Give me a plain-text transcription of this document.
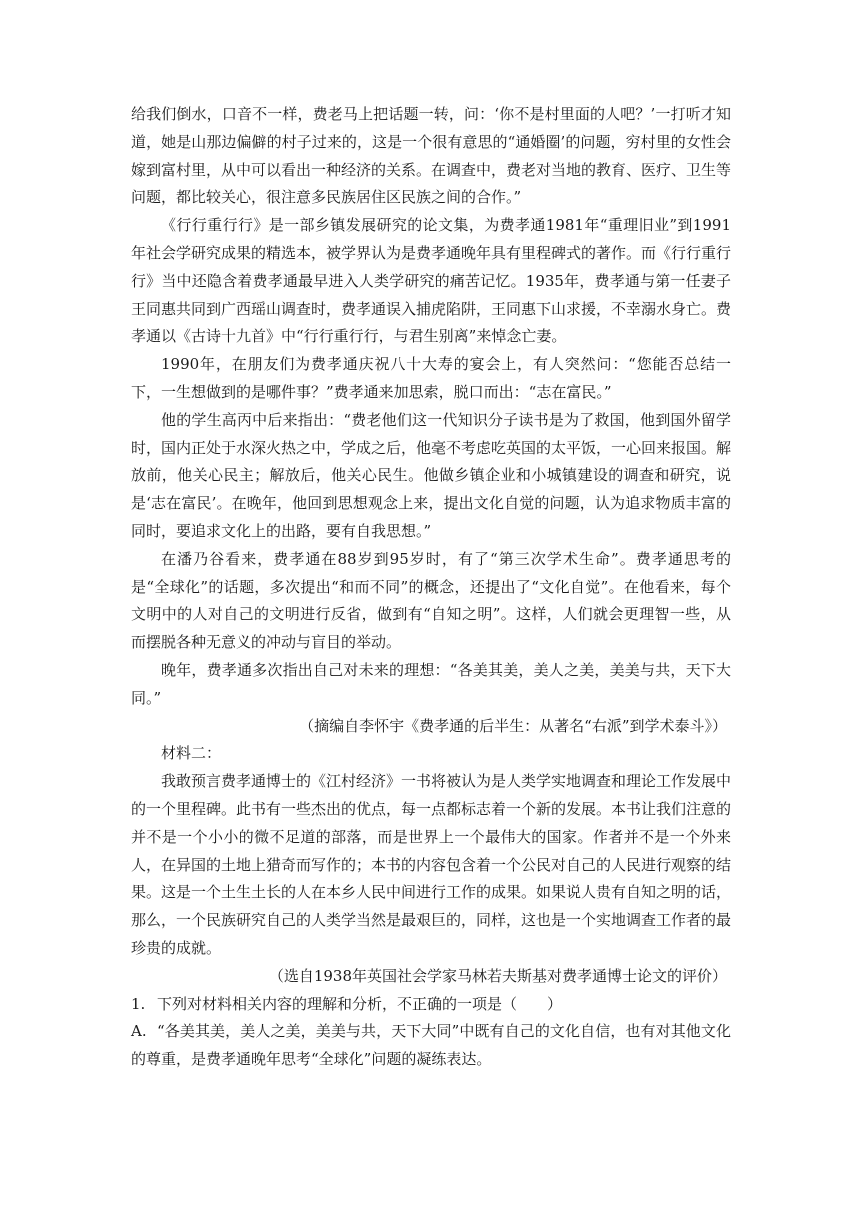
给我们倒水，口音不一样，费老马上把话题一转，问：‘你不是村里面的人吧？’一打听才知道，她是山那边偏僻的村子过来的，这是一个很有意思的“通婚圈’的问题，穷村里的女性会嫁到富村里，从中可以看出一种经济的关系。在调查中，费老对当地的教育、医疗、卫生等问题，都比较关心，很注意多民族居住区民族之间的合作。”

《行行重行行》是一部乡镇发展研究的论文集，为费孝通1981年“重理旧业”到1991年社会学研究成果的精选本，被学界认为是费孝通晚年具有里程碑式的著作。而《行行重行行》当中还隐含着费孝通最早进入人类学研究的痛苦记忆。1935年，费孝通与第一任妻子王同惠共同到广西瑶山调查时，费孝通误入捕虎陷阱，王同惠下山求援，不幸溺水身亡。费孝通以《古诗十九首》中“行行重行行，与君生别离”来悼念亡妻。

1990年，在朋友们为费孝通庆祝八十大寿的宴会上，有人突然问：“您能否总结一下，一生想做到的是哪件事？”费孝通来加思索，脱口而出：“志在富民。”

他的学生高丙中后来指出：“费老他们这一代知识分子读书是为了救国，他到国外留学时，国内正处于水深火热之中，学成之后，他毫不考虑吃英国的太平饭，一心回来报国。解放前，他关心民主；解放后，他关心民生。他做乡镇企业和小城镇建设的调查和研究，说是‘志在富民’。在晚年，他回到思想观念上来，提出文化自觉的问题，认为追求物质丰富的同时，要追求文化上的出路，要有自我思想。”

在潘乃谷看来，费孝通在88岁到95岁时，有了“第三次学术生命”。费孝通思考的是“全球化”的话题，多次提出“和而不同”的概念，还提出了“文化自觉”。在他看来，每个文明中的人对自己的文明进行反省，做到有“自知之明”。这样，人们就会更理智一些，从而摆脱各种无意义的冲动与盲目的举动。

晚年，费孝通多次指出自己对未来的理想：“各美其美，美人之美，美美与共，天下大同。”

（摘编自李怀宇《费孝通的后半生：从著名“右派”到学术泰斗》）

材料二：

我敢预言费孝通博士的《江村经济》一书将被认为是人类学实地调查和理论工作发展中的一个里程碑。此书有一些杰出的优点，每一点都标志着一个新的发展。本书让我们注意的并不是一个小小的微不足道的部落，而是世界上一个最伟大的国家。作者并不是一个外来人，在异国的土地上猎奇而写作的；本书的内容包含着一个公民对自己的人民进行观察的结果。这是一个土生土长的人在本乡人民中间进行工作的成果。如果说人贵有自知之明的话，那么，一个民族研究自己的人类学当然是最艰巨的，同样，这也是一个实地调查工作者的最珍贵的成就。

（选自1938年英国社会学家马林若夫斯基对费孝通博士论文的评价）

1. 下列对材料相关内容的理解和分析，不正确的一项是（　　）

A. “各美其美，美人之美，美美与共，天下大同”中既有自己的文化自信，也有对其他文化的尊重，是费孝通晚年思考“全球化”问题的凝练表达。
